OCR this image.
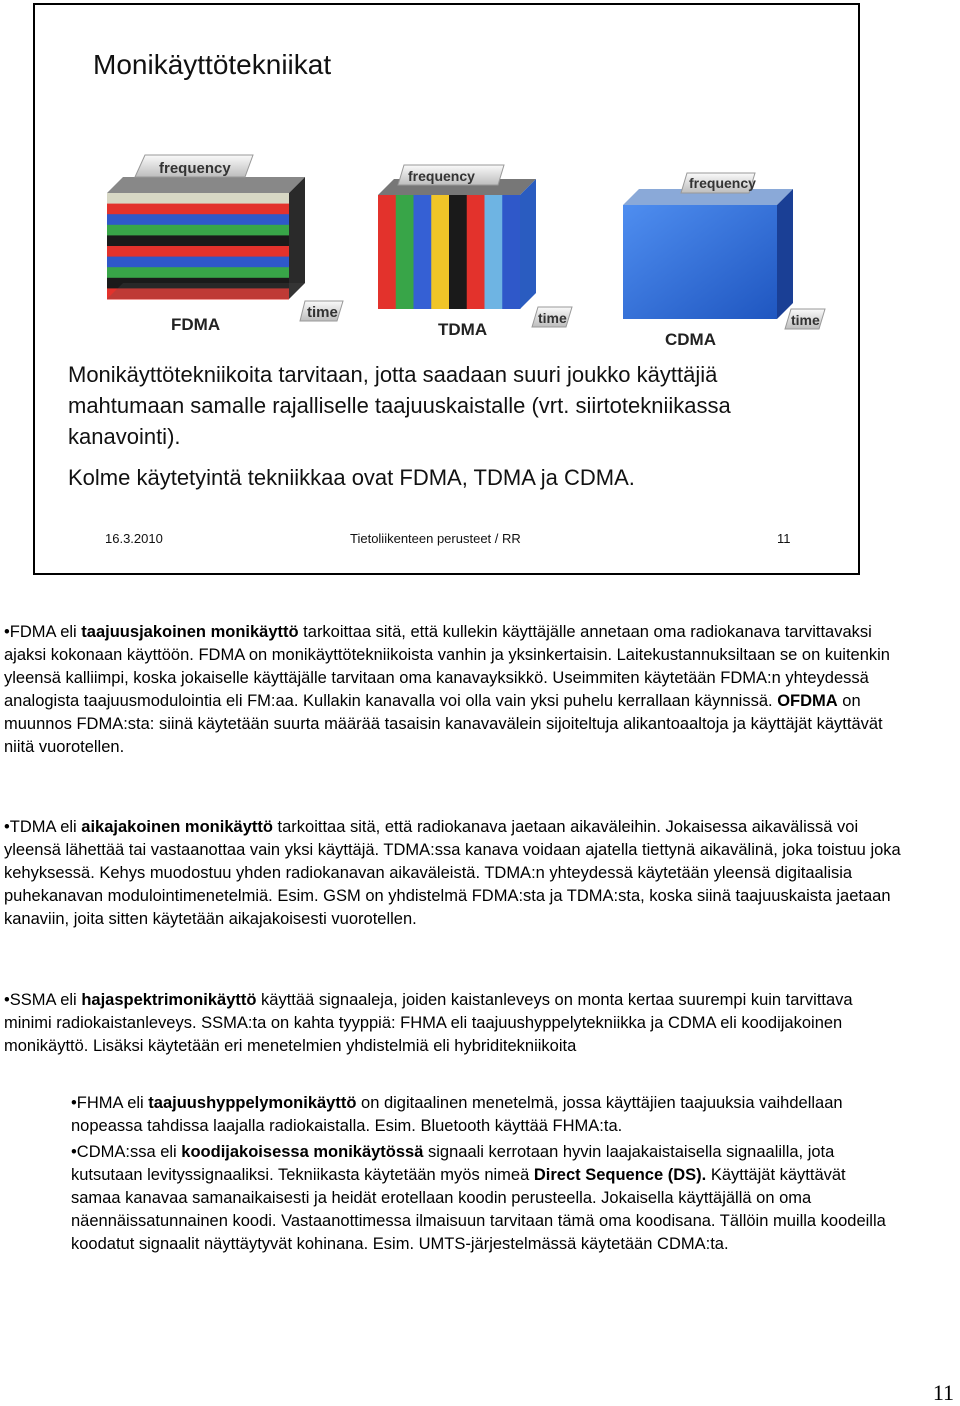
Monikäyttötekniikat
frequency
time
FDMA
frequency
time
TDMA
frequency
time
CDMA

Monikäyttötekniikoita tarvitaan, jotta saadaan suuri joukko käyttäjiä mahtumaan samalle rajalliselle taajuuskaistalle (vrt. siirtotekniikassa kanavointi).

Kolme käytetyintä tekniikkaa ovat FDMA, TDMA ja CDMA.

16.3.2010	Tietoliikenteen perusteet / RR	11

•FDMA eli taajuusjakoinen monikäyttö tarkoittaa sitä, että kullekin käyttäjälle annetaan oma radiokanava tarvittavaksi ajaksi kokonaan käyttöön. FDMA on monikäyttötekniikoista vanhin ja yksinkertaisin. Laitekustannuksiltaan se on kuitenkin yleensä kalliimpi, koska jokaiselle käyttäjälle tarvitaan oma kanavayksikkö. Useimmiten käytetään FDMA:n yhteydessä analogista taajuusmodulointia eli FM:aa. Kullakin kanavalla voi olla vain yksi puhelu kerrallaan käynnissä. OFDMA on muunnos FDMA:sta: siinä käytetään suurta määrää tasaisin kanavavälein sijoiteltuja alikantoaaltoja ja käyttäjät käyttävät niitä vuorotellen.

•TDMA eli aikajakoinen monikäyttö tarkoittaa sitä, että radiokanava jaetaan aikaväleihin. Jokaisessa aikavälissä voi yleensä lähettää tai vastaanottaa vain yksi käyttäjä. TDMA:ssa kanava voidaan ajatella tiettynä aikavälinä, joka toistuu joka kehyksessä. Kehys muodostuu yhden radiokanavan aikaväleistä. TDMA:n yhteydessä käytetään yleensä digitaalisia puhekanavan modulointimenetelmiä. Esim. GSM on yhdistelmä FDMA:sta ja TDMA:sta, koska siinä taajuuskaista jaetaan kanaviin, joita sitten käytetään aikajakoisesti vuorotellen.

•SSMA eli hajaspektrimonikäyttö käyttää signaaleja, joiden kaistanleveys on monta kertaa suurempi kuin tarvittava minimi radiokaistanleveys. SSMA:ta on kahta tyyppiä: FHMA eli taajuushyppelytekniikka ja CDMA eli koodijakoinen monikäyttö. Lisäksi käytetään eri menetelmien yhdistelmiä eli hybriditekniikoita

•FHMA eli taajuushyppelymonikäyttö on digitaalinen menetelmä, jossa käyttäjien taajuuksia vaihdellaan nopeassa tahdissa laajalla radiokaistalla. Esim. Bluetooth käyttää FHMA:ta.

•CDMA:ssa eli koodijakoisessa monikäytössä signaali kerrotaan hyvin laajakaistaisella signaalilla, jota kutsutaan levityssignaaliksi. Tekniikasta käytetään myös nimeä Direct Sequence (DS). Käyttäjät käyttävät samaa kanavaa samanaikaisesti ja heidät erotellaan koodin perusteella. Jokaisella käyttäjällä on oma näennäissatunnainen koodi. Vastaanottimessa ilmaisuun tarvitaan tämä oma koodisana. Tällöin muilla koodeilla koodatut signaalit näyttäytyvät kohinana. Esim. UMTS-järjestelmässä käytetään CDMA:ta.

11
